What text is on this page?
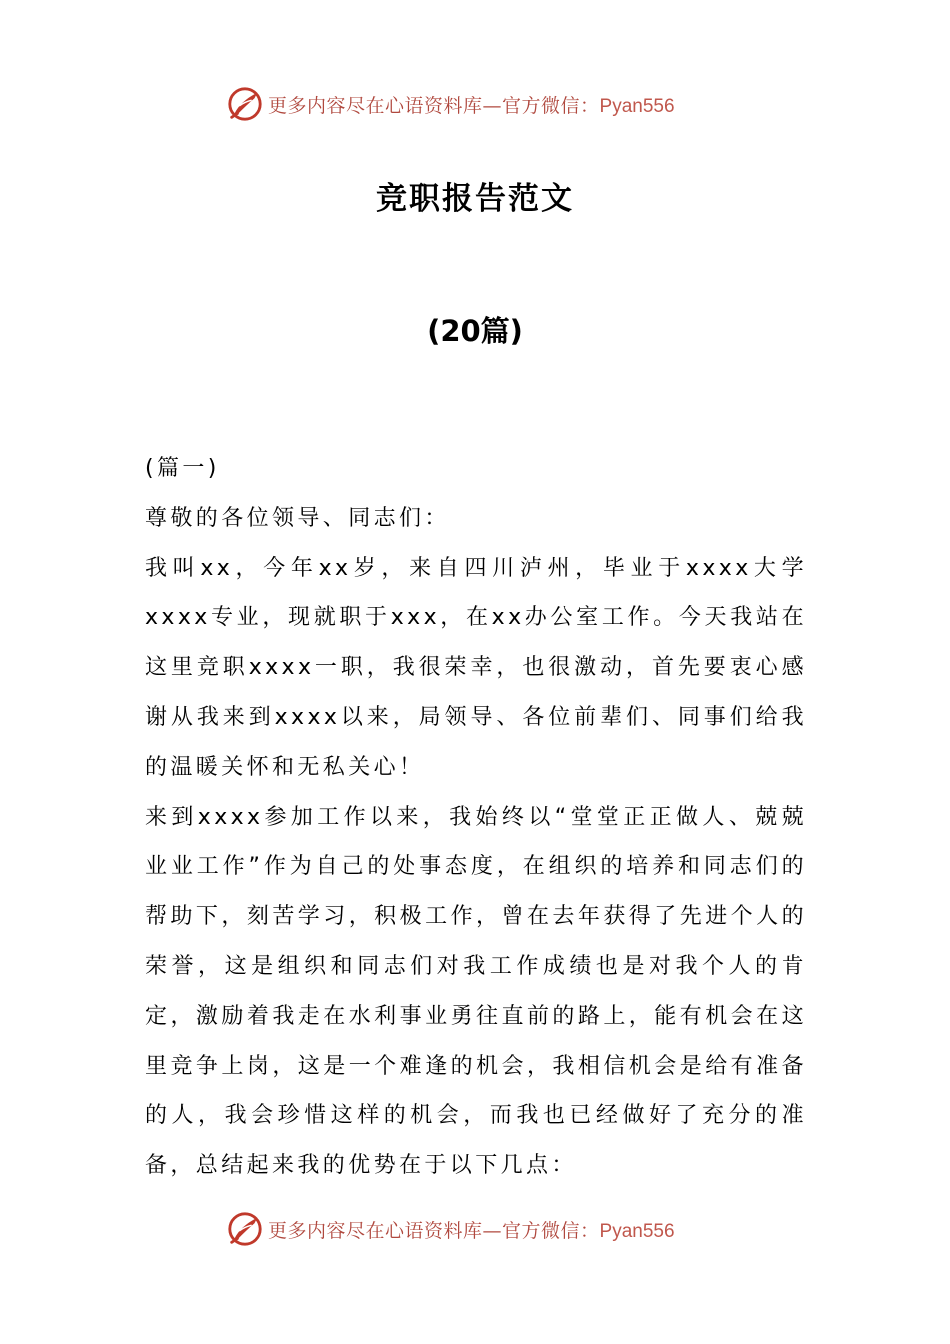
更多内容尽在心语资料库—官方微信：Pyan556
竞职报告范文
(20篇)

(篇一)

尊敬的各位领导、同志们：

我叫xx，今年xx岁，来自四川泸州，毕业于xxxx大学xxxx专业，现就职于xxx，在xx办公室工作。今天我站在这里竞职xxxx一职，我很荣幸，也很激动，首先要衷心感谢从我来到xxxx以来，局领导、各位前辈们、同事们给我的温暖关怀和无私关心！

来到xxxx参加工作以来，我始终以“堂堂正正做人、兢兢业业工作”作为自己的处事态度，在组织的培养和同志们的帮助下，刻苦学习，积极工作，曾在去年获得了先进个人的荣誉，这是组织和同志们对我工作成绩也是对我个人的肯定，激励着我走在水利事业勇往直前的路上，能有机会在这里竞争上岗，这是一个难逢的机会，我相信机会是给有准备的人，我会珍惜这样的机会，而我也已经做好了充分的准备，总结起来我的优势在于以下几点：

更多内容尽在心语资料库—官方微信：Pyan556
